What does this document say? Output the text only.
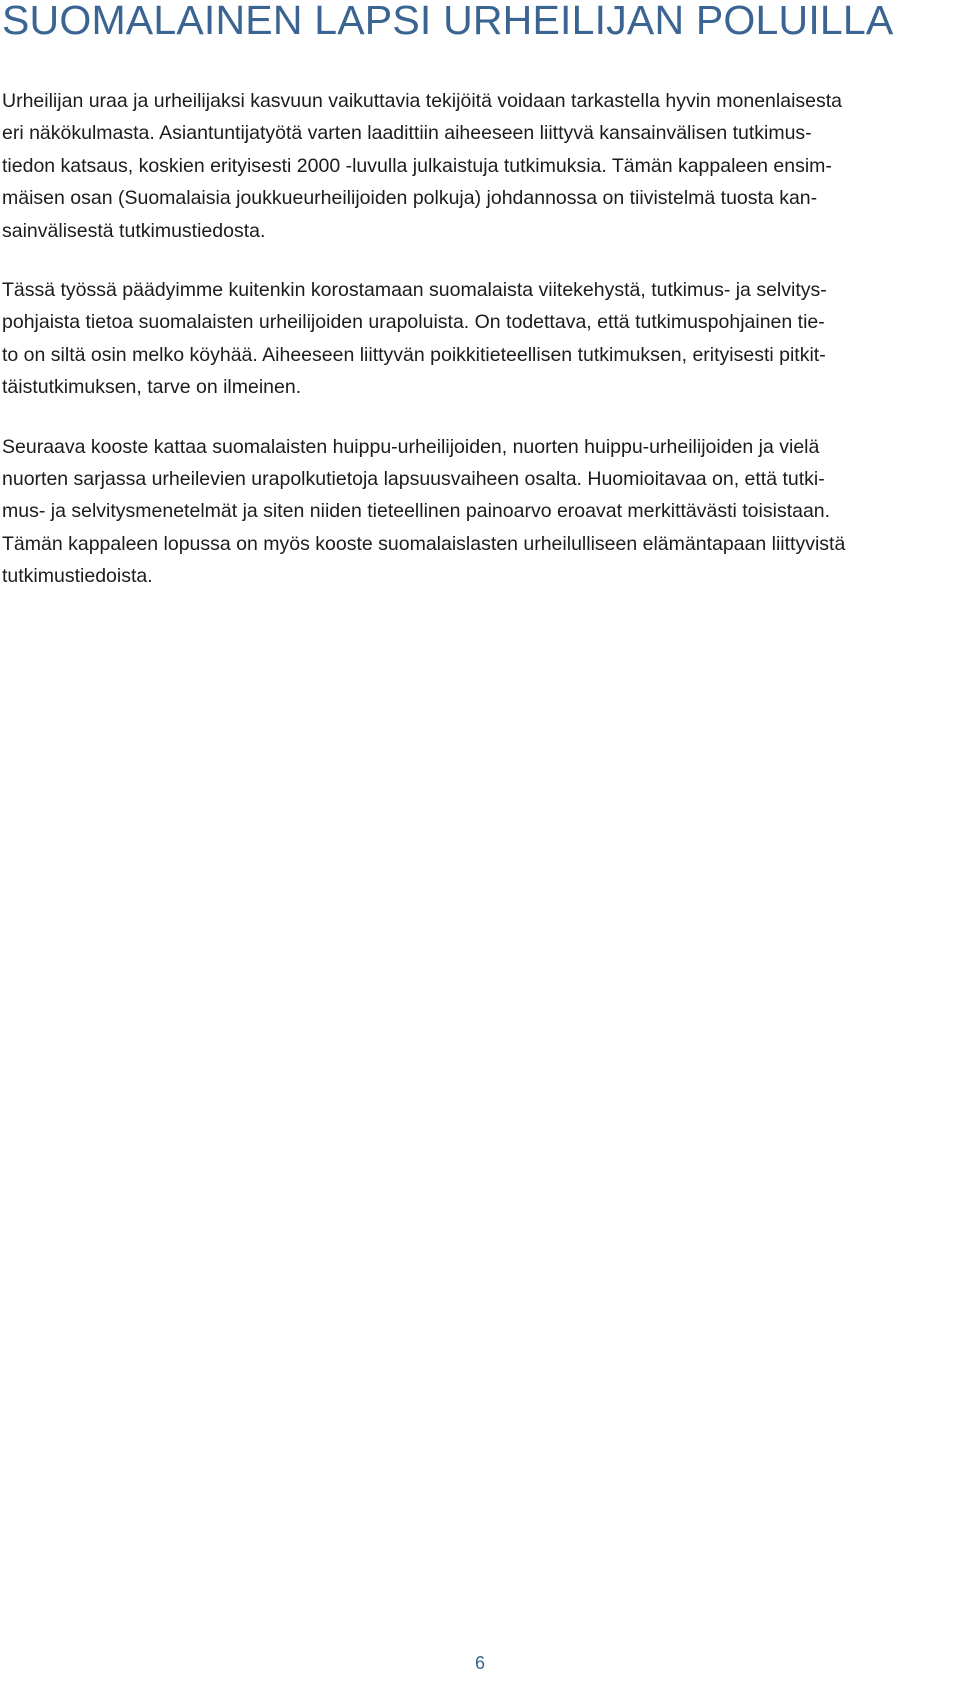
SUOMALAINEN LAPSI URHEILIJAN POLUILLA
Urheilijan uraa ja urheilijaksi kasvuun vaikuttavia tekijöitä voidaan tarkastella hyvin monenlaisesta
eri näkökulmasta. Asiantuntijatyötä varten laadittiin aiheeseen liittyvä kansainvälisen tutkimus-
tiedon katsaus, koskien erityisesti 2000 -luvulla julkaistuja tutkimuksia. Tämän kappaleen ensim-
mäisen osan (Suomalaisia joukkueurheilijoiden polkuja) johdannossa on tiivistelmä tuosta kan-
sainvälisestä tutkimustiedosta.
Tässä työssä päädyimme kuitenkin korostamaan suomalaista viitekehystä, tutkimus- ja selvitys-
pohjaista tietoa suomalaisten urheilijoiden urapoluista. On todettava, että tutkimuspohjainen tie-
to on siltä osin melko köyhää. Aiheeseen liittyvän poikkitieteellisen tutkimuksen, erityisesti pitkit-
täistutkimuksen, tarve on ilmeinen.
Seuraava kooste kattaa suomalaisten huippu-urheilijoiden, nuorten huippu-urheilijoiden ja vielä
nuorten sarjassa urheilevien urapolkutietoja lapsuusvaiheen osalta. Huomioitavaa on, että tutki-
mus- ja selvitysmenetelmät ja siten niiden tieteellinen painoarvo eroavat merkittävästi toisistaan.
Tämän kappaleen lopussa on myös kooste suomalaislasten urheilulliseen elämäntapaan liittyvistä
tutkimustiedoista.
6
